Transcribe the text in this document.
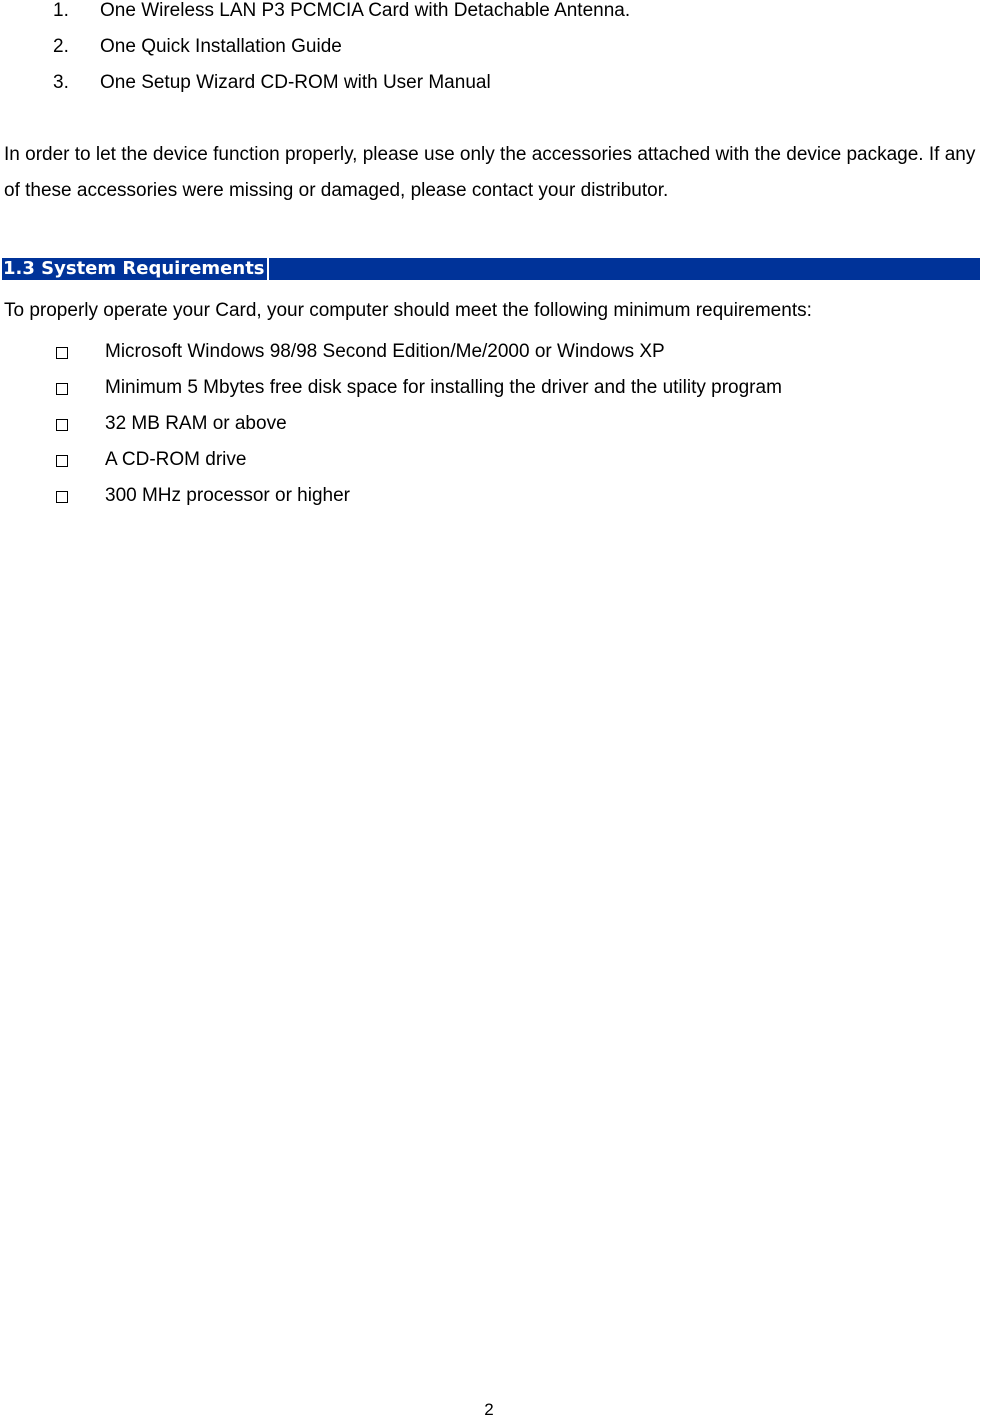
1. One Wireless LAN P3 PCMCIA Card with Detachable Antenna.
2. One Quick Installation Guide
3. One Setup Wizard CD-ROM with User Manual
In order to let the device function properly, please use only the accessories attached with the device package. If any of these accessories were missing or damaged, please contact your distributor.
1.3 System Requirements
To properly operate your Card, your computer should meet the following minimum requirements:
Microsoft Windows 98/98 Second Edition/Me/2000 or Windows XP
Minimum 5 Mbytes free disk space for installing the driver and the utility program
32 MB RAM or above
A CD-ROM drive
300 MHz processor or higher
2
